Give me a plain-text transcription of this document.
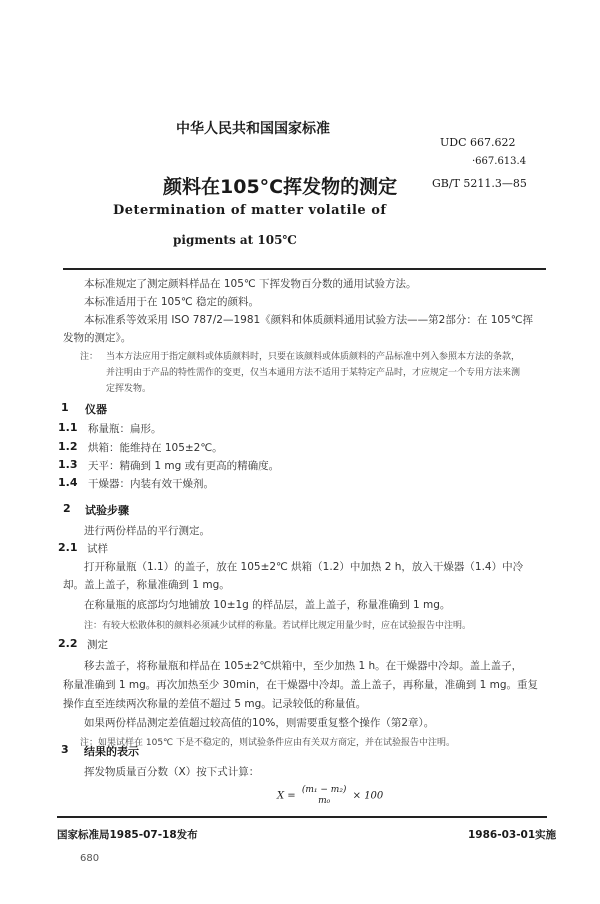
中华人民共和国国家标准
UDC 667.622
·667.613.4
颜料在105°C挥发物的测定	GB/T 5211.3—85
Determination of matter volatile of
pigments at 105℃
本标准规定了测定颜料样品在 105℃ 下挥发物百分数的通用试验方法。
本标准适用于在 105℃ 稳定的颜料。
本标准系等效采用 ISO 787/2—1981《颜料和体质颜料通用试验方法——第2部分：在 105℃挥
发物的测定》。
注： 当本方法应用于指定颜料或体质颜料时，只要在该颜料或体质颜料的产品标准中列入参照本方法的条款，
并注明由于产品的特性需作的变更，仅当本通用方法不适用于某特定产品时，才应规定一个专用方法来测
定挥发物。
1 仪器
1.1 称量瓶：扁形。
1.2 烘箱：能维持在 105±2℃。
1.3 天平：精确到 1 mg 或有更高的精确度。
1.4 干燥器：内装有效干燥剂。
2 试验步骤
进行两份样品的平行测定。
2.1 试样
打开称量瓶（1.1）的盖子，放在 105±2℃ 烘箱（1.2）中加热 2 h，放入干燥器（1.4）中冷
却。盖上盖子，称量准确到 1 mg。
在称量瓶的底部均匀地铺放 10±1g 的样品层，盖上盖子，称量准确到 1 mg。
注：有较大松散体积的颜料必须减少试样的称量。若试样比规定用量少时，应在试验报告中注明。
2.2 测定
移去盖子，将称量瓶和样品在 105±2℃烘箱中，至少加热 1 h。在干燥器中冷却。盖上盖子，
称量准确到 1 mg。再次加热至少 30min，在干燥器中冷却。盖上盖子，再称量，准确到 1 mg。重复
操作直至连续两次称量的差值不超过 5 mg。记录较低的称量值。
如果两份样品测定差值超过较高值的10%，则需要重复整个操作（第2章）。
注：如果试样在 105℃ 下是不稳定的，则试验条件应由有关双方商定，并在试验报告中注明。
3 结果的表示
挥发物质量百分数（X）按下式计算：
X =
(m₁ − m₂)
m₀	× 100
国家标准局1985-07-18发布	1986-03-01实施
680
